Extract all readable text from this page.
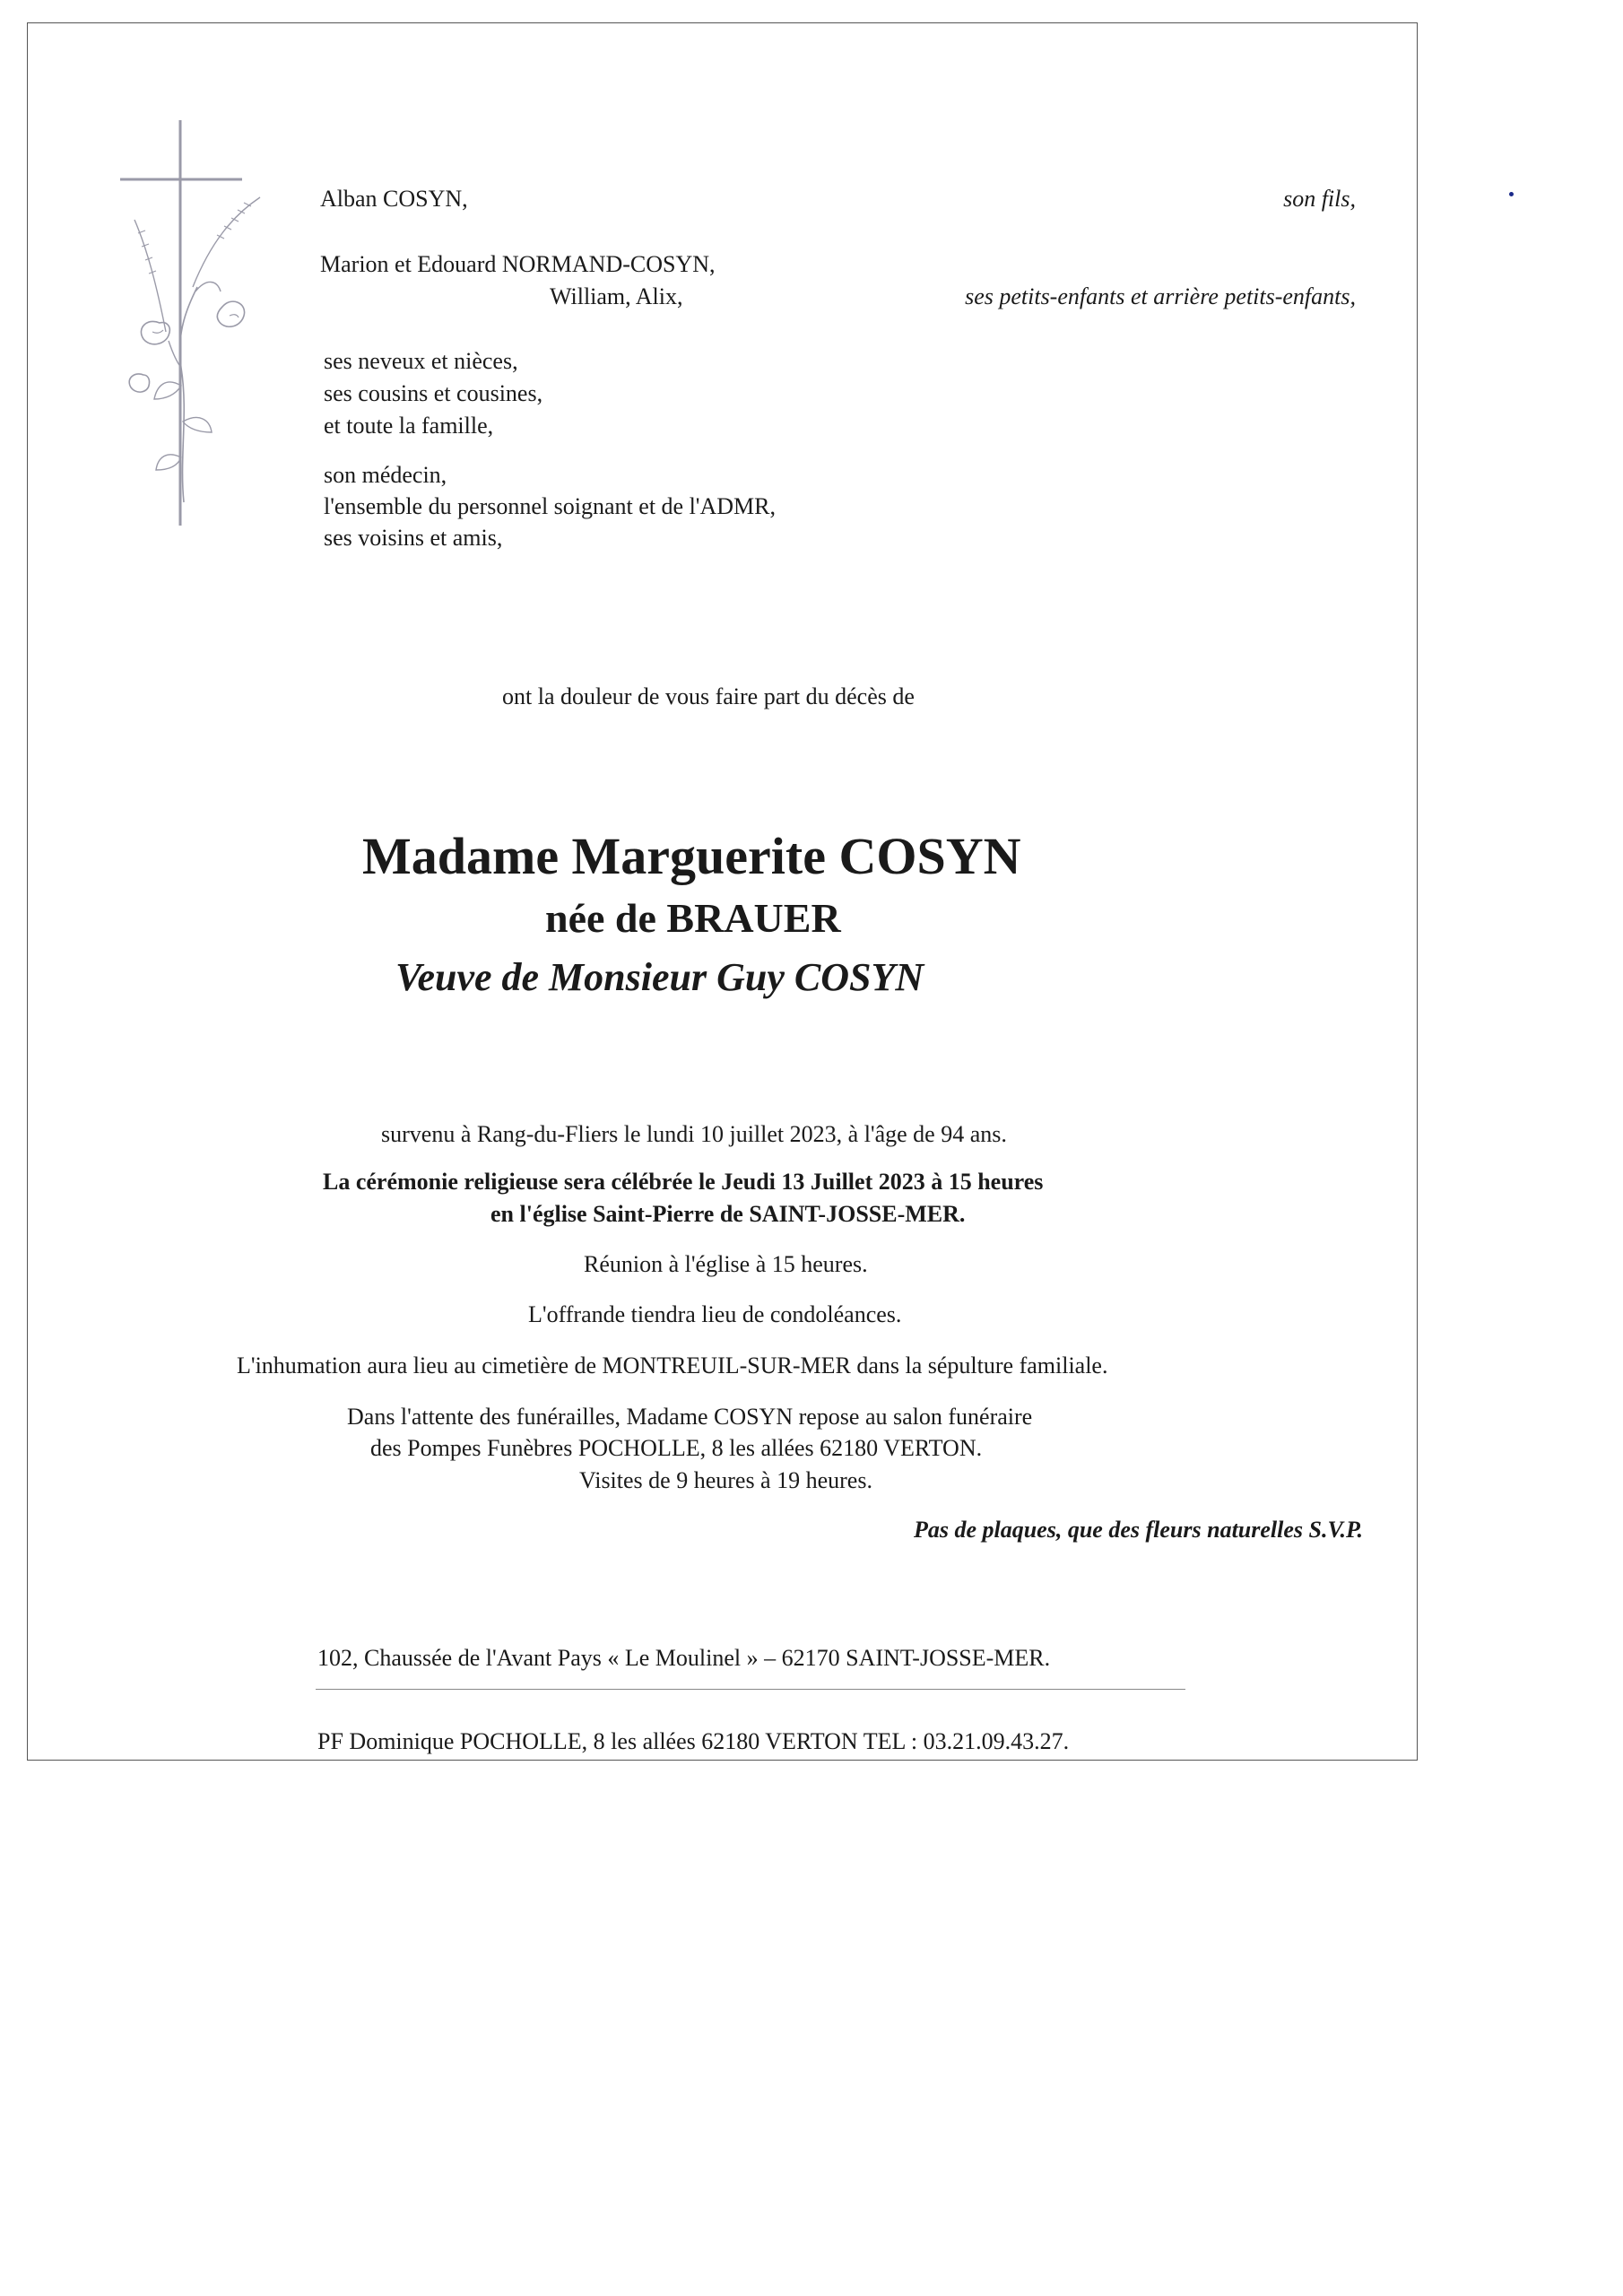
Alban COSYN,	son fils,
Marion et Edouard NORMAND-COSYN,
William, Alix,	ses petits-enfants et arrière petits-enfants,
ses neveux et nièces,
ses cousins et cousines,
et toute la famille,
son médecin,
l'ensemble du personnel soignant et de l'ADMR,
ses voisins et amis,
ont la douleur de vous faire part du décès de
Madame Marguerite COSYN
née de BRAUER
Veuve de Monsieur Guy COSYN
survenu à Rang-du-Fliers le lundi 10 juillet 2023, à l'âge de 94 ans.
La cérémonie religieuse sera célébrée le Jeudi 13 Juillet 2023 à 15 heures
en l'église Saint-Pierre de SAINT-JOSSE-MER.
Réunion à l'église à 15 heures.
L'offrande tiendra lieu de condoléances.
L'inhumation aura lieu au cimetière de MONTREUIL-SUR-MER dans la sépulture familiale.
Dans l'attente des funérailles, Madame COSYN repose au salon funéraire
des Pompes Funèbres POCHOLLE, 8 les allées 62180 VERTON.
Visites de 9 heures à 19 heures.
Pas de plaques, que des fleurs naturelles S.V.P.
102, Chaussée de l'Avant Pays « Le Moulinel » – 62170 SAINT-JOSSE-MER.
PF Dominique POCHOLLE, 8 les allées 62180 VERTON TEL : 03.21.09.43.27.
